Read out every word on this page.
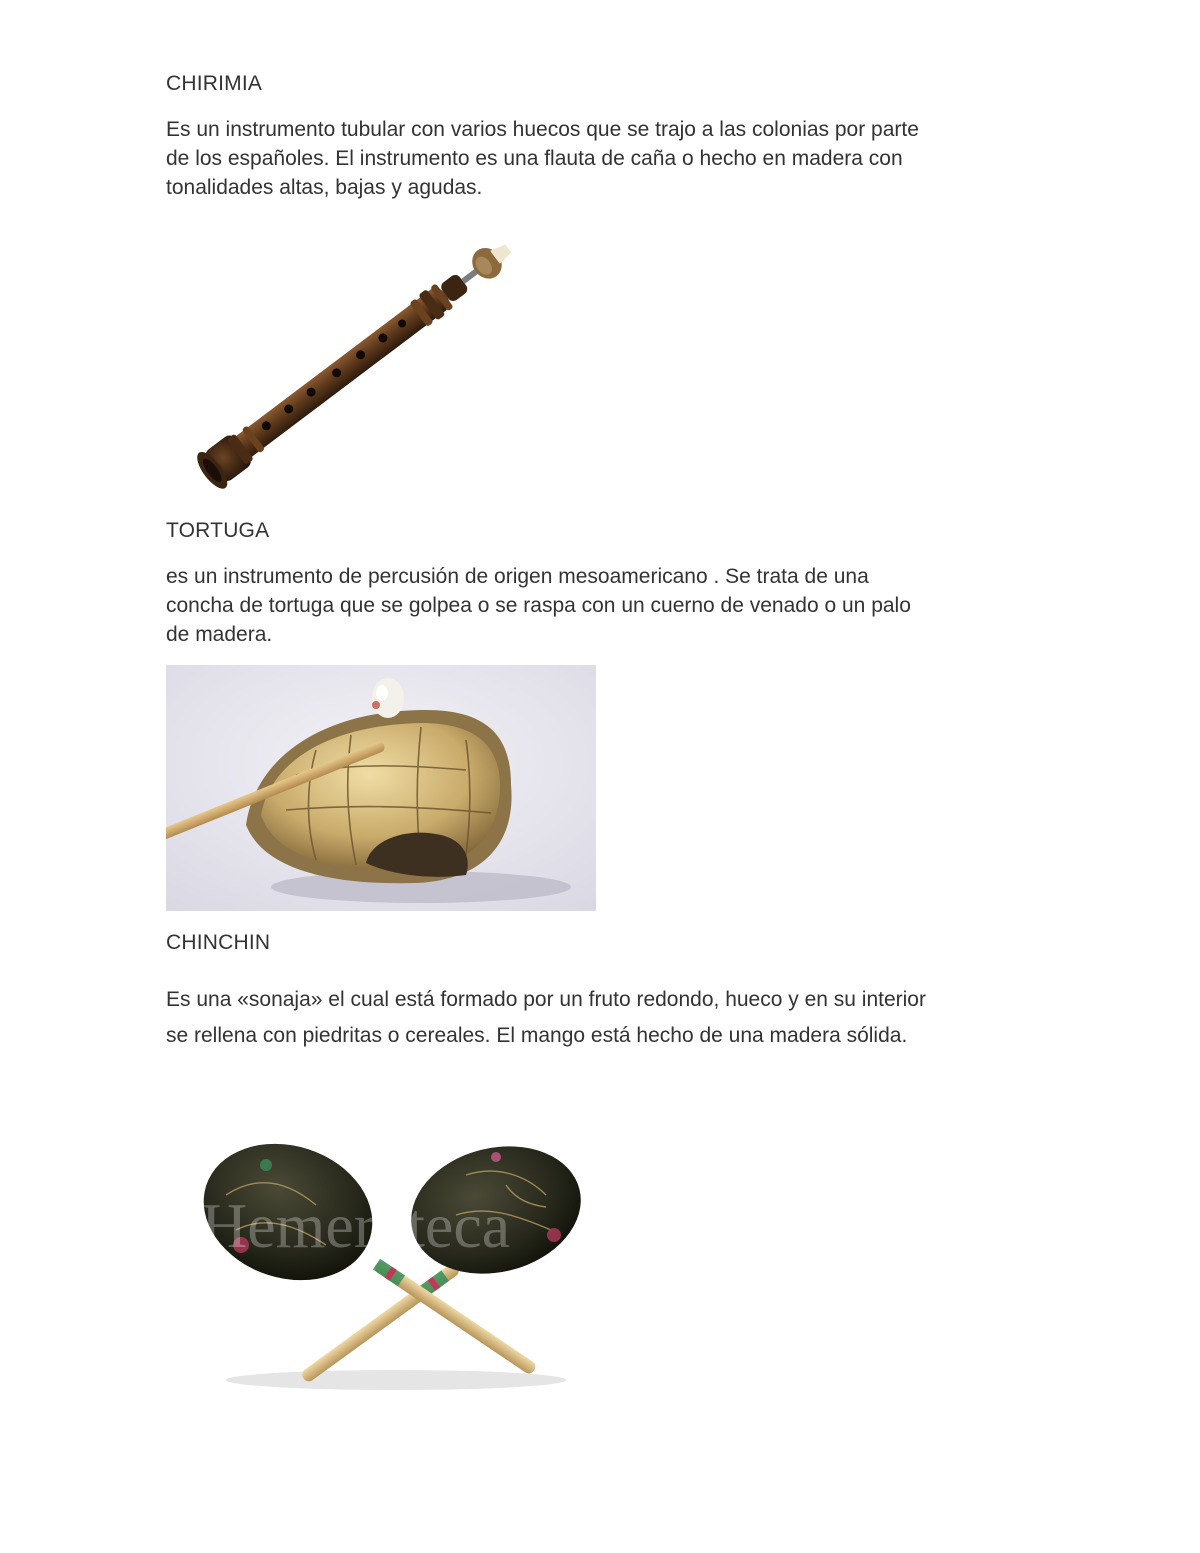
CHIRIMIA
Es un instrumento tubular con varios huecos que se trajo a las colonias por parte
de los españoles. El instrumento es una flauta de caña o hecho en madera con
tonalidades altas, bajas y agudas.
TORTUGA
es un instrumento de percusión de origen mesoamericano . Se trata de una
concha de tortuga que se golpea o se raspa con un cuerno de venado o un palo
de madera.
CHINCHIN
Es una «sonaja» el cual está formado por un fruto redondo, hueco y en su interior
se rellena con piedritas o cereales. El mango está hecho de una madera sólida.
Hemeroteca
